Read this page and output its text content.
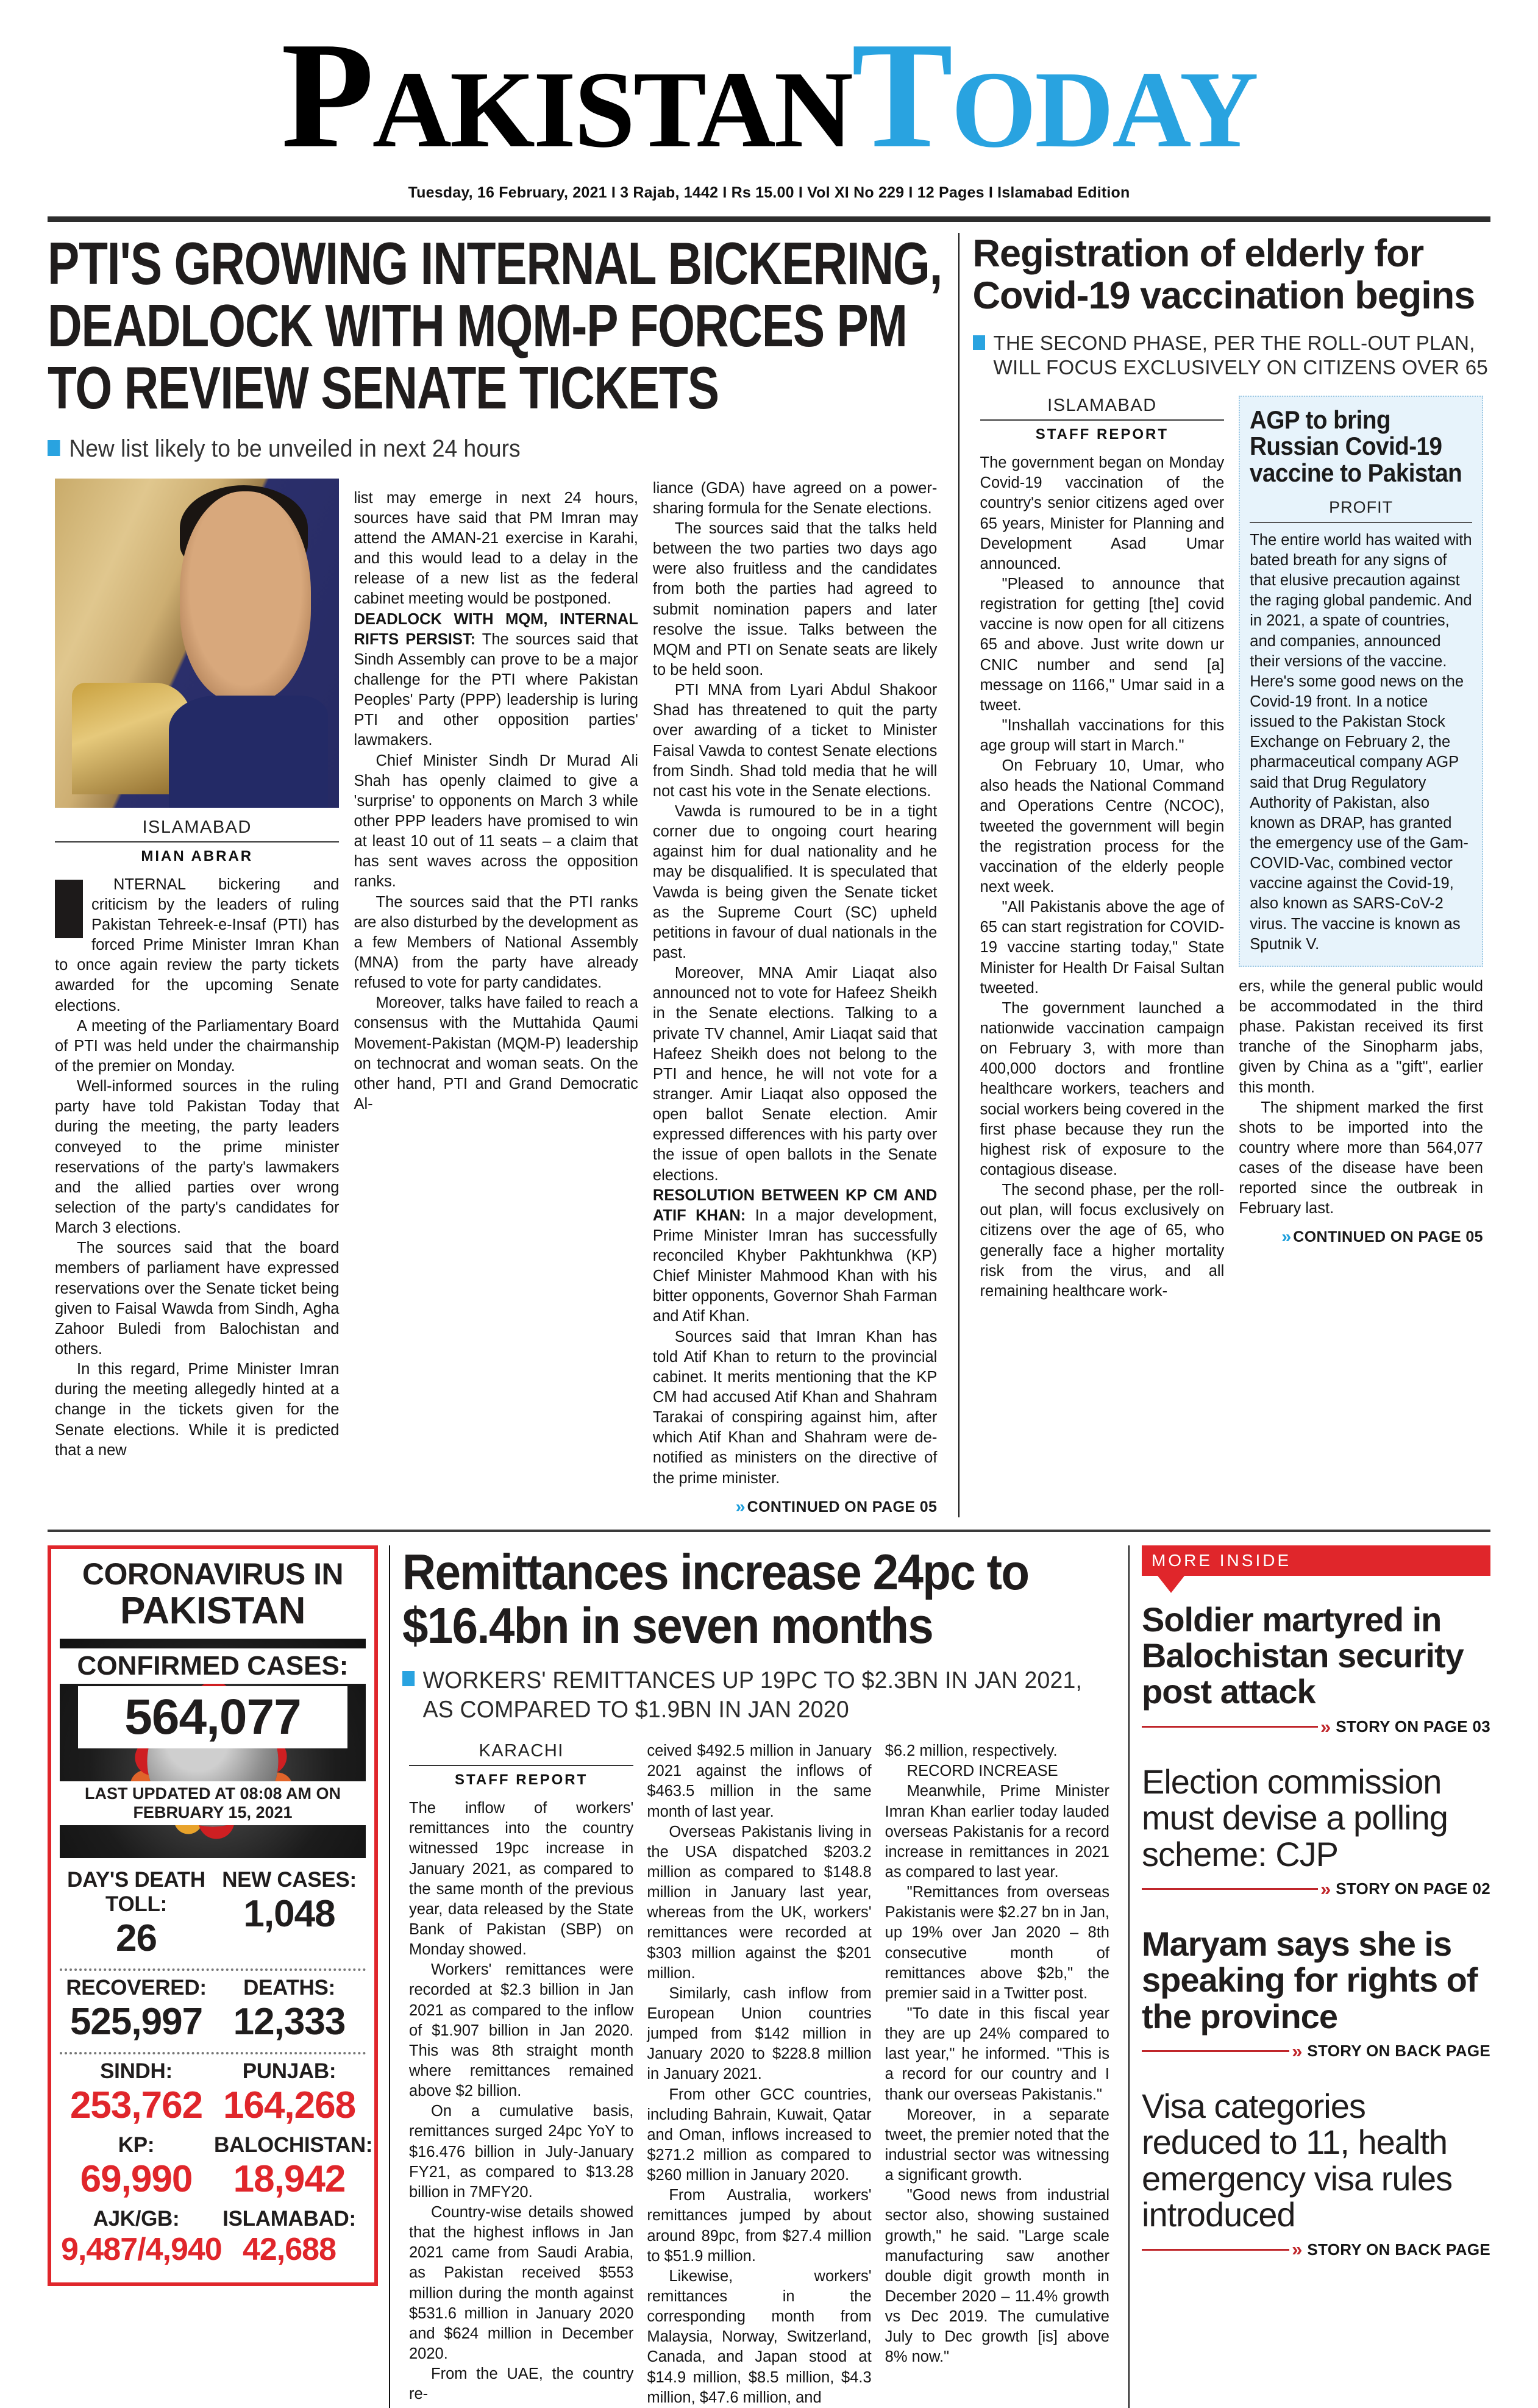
PAKISTANTODAY
Tuesday, 16 February, 2021 I 3 Rajab, 1442 I Rs 15.00 I Vol XI No 229 I 12 Pages I Islamabad Edition
PTI'S GROWING INTERNAL BICKERING, DEADLOCK WITH MQM-P FORCES PM TO REVIEW SENATE TICKETS
New list likely to be unveiled in next 24 hours
ISLAMABAD
MIAN ABRAR

NTERNAL bickering and criticism by the leaders of ruling Pakistan Tehreek-e-Insaf (PTI) has forced Prime Minister Imran Khan to once again review the party tickets awarded for the upcoming Senate elections.

A meeting of the Parliamentary Board of PTI was held under the chairmanship of the premier on Monday.

Well-informed sources in the ruling party have told Pakistan Today that during the meeting, the party leaders conveyed to the prime minister reservations of the party's lawmakers and the allied parties over wrong selection of the party's candidates for March 3 elections.

The sources said that the board members of parliament have expressed reservations over the Senate ticket being given to Faisal Wawda from Sindh, Agha Zahoor Buledi from Balochistan and others.

In this regard, Prime Minister Imran during the meeting allegedly hinted at a change in the tickets given for the Senate elections. While it is predicted that a new

list may emerge in next 24 hours, sources have said that PM Imran may attend the AMAN-21 exercise in Karahi, and this would lead to a delay in the release of a new list as the federal cabinet meeting would be postponed.

DEADLOCK WITH MQM, INTERNAL RIFTS PERSIST: The sources said that Sindh Assembly can prove to be a major challenge for the PTI where Pakistan Peoples' Party (PPP) leadership is luring PTI and other opposition parties' lawmakers.

Chief Minister Sindh Dr Murad Ali Shah has openly claimed to give a 'surprise' to opponents on March 3 while other PPP leaders have promised to win at least 10 out of 11 seats – a claim that has sent waves across the opposition ranks.

The sources said that the PTI ranks are also disturbed by the development as a few Members of National Assembly (MNA) from the party have already refused to vote for party candidates.

Moreover, talks have failed to reach a consensus with the Muttahida Qaumi Movement-Pakistan (MQM-P) leadership on technocrat and woman seats. On the other hand, PTI and Grand Democratic Al-

liance (GDA) have agreed on a power-sharing formula for the Senate elections.

The sources said that the talks held between the two parties two days ago were also fruitless and the candidates from both the parties had agreed to submit nomination papers and later resolve the issue. Talks between the MQM and PTI on Senate seats are likely to be held soon.

PTI MNA from Lyari Abdul Shakoor Shad has threatened to quit the party over awarding of a ticket to Minister Faisal Vawda to contest Senate elections from Sindh. Shad told media that he will not cast his vote in the Senate elections.

Vawda is rumoured to be in a tight corner due to ongoing court hearing against him for dual nationality and he may be disqualified. It is speculated that Vawda is being given the Senate ticket as the Supreme Court (SC) upheld petitions in favour of dual nationals in the past.

Moreover, MNA Amir Liaqat also announced not to vote for Hafeez Sheikh in the Senate elections. Talking to a private TV channel, Amir Liaqat said that Hafeez Sheikh does not belong to the PTI and hence, he will not vote for a stranger. Amir Liaqat also opposed the open ballot Senate election. Amir expressed differences with his party over the issue of open ballots in the Senate elections.

RESOLUTION BETWEEN KP CM AND ATIF KHAN: In a major development, Prime Minister Imran has successfully reconciled Khyber Pakhtunkhwa (KP) Chief Minister Mahmood Khan with his bitter opponents, Governor Shah Farman and Atif Khan.

Sources said that Imran Khan has told Atif Khan to return to the provincial cabinet. It merits mentioning that the KP CM had accused Atif Khan and Shahram Tarakai of conspiring against him, after which Atif Khan and Shahram were de-notified as ministers on the directive of the prime minister.

» CONTINUED ON PAGE 05
Registration of elderly for Covid-19 vaccination begins
THE SECOND PHASE, PER THE ROLL-OUT PLAN, WILL FOCUS EXCLUSIVELY ON CITIZENS OVER 65
ISLAMABAD
STAFF REPORT

The government began on Monday Covid-19 vaccination of the country's senior citizens aged over 65 years, Minister for Planning and Development Asad Umar announced.

"Pleased to announce that registration for getting [the] covid vaccine is now open for all citizens 65 and above. Just write down ur CNIC number and send [a] message on 1166," Umar said in a tweet.

"Inshallah vaccinations for this age group will start in March."

On February 10, Umar, who also heads the National Command and Operations Centre (NCOC), tweeted the government will begin the registration process for the vaccination of the elderly people next week.

"All Pakistanis above the age of 65 can start registration for COVID-19 vaccine starting today," State Minister for Health Dr Faisal Sultan tweeted.

The government launched a nationwide vaccination campaign on February 3, with more than 400,000 doctors and frontline healthcare workers, teachers and social workers being covered in the first phase because they run the highest risk of exposure to the contagious disease.

The second phase, per the roll-out plan, will focus exclusively on citizens over the age of 65, who generally face a higher mortality risk from the virus, and all remaining healthcare work-

AGP to bring Russian Covid-19 vaccine to Pakistan
PROFIT
The entire world has waited with bated breath for any signs of that elusive precaution against the raging global pandemic. And in 2021, a spate of countries, and companies, announced their versions of the vaccine. Here's some good news on the Covid-19 front. In a notice issued to the Pakistan Stock Exchange on February 2, the pharmaceutical company AGP said that Drug Regulatory Authority of Pakistan, also known as DRAP, has granted the emergency use of the Gam-COVID-Vac, combined vector vaccine against the Covid-19, also known as SARS-CoV-2 virus. The vaccine is known as Sputnik V.

ers, while the general public would be accommodated in the third phase. Pakistan received its first tranche of the Sinopharm jabs, given by China as a "gift", earlier this month.

The shipment marked the first shots to be imported into the country where more than 564,077 cases of the disease have been reported since the outbreak in February last.

» CONTINUED ON PAGE 05
CORONAVIRUS IN
PAKISTAN
CONFIRMED CASES:
564,077
LAST UPDATED AT 08:08 AM ON FEBRUARY 15, 2021
DAY'S DEATH TOLL:
26
NEW CASES:
1,048
RECOVERED:
525,997
DEATHS:
12,333
SINDH:
253,762
PUNJAB:
164,268
KP:
69,990
BALOCHISTAN:
18,942
AJK/GB:
9,487/4,940
ISLAMABAD:
42,688
Remittances increase 24pc to $16.4bn in seven months
WORKERS' REMITTANCES UP 19PC TO $2.3BN IN JAN 2021, AS COMPARED TO $1.9BN IN JAN 2020
KARACHI
STAFF REPORT

The inflow of workers' remittances into the country witnessed 19pc increase in January 2021, as compared to the same month of the previous year, data released by the State Bank of Pakistan (SBP) on Monday showed.

Workers' remittances were recorded at $2.3 billion in Jan 2021 as compared to the inflow of $1.907 billion in Jan 2020. This was 8th straight month where remittances remained above $2 billion.

On a cumulative basis, remittances surged 24pc YoY to $16.476 billion in July-January FY21, as compared to $13.28 billion in 7MFY20.

Country-wise details showed that the highest inflows in Jan 2021 came from Saudi Arabia, as Pakistan received $553 million during the month against $531.6 million in January 2020 and $624 million in December 2020.

From the UAE, the country re-

ceived $492.5 million in January 2021 against the inflows of $463.5 million in the same month of last year.

Overseas Pakistanis living in the USA dispatched $203.2 million as compared to $148.8 million in January last year, whereas from the UK, workers' remittances were recorded at $303 million against the $201 million.

Similarly, cash inflow from European Union countries jumped from $142 million in January 2020 to $228.8 million in January 2021.

From other GCC countries, including Bahrain, Kuwait, Qatar and Oman, inflows increased to $271.2 million as compared to $260 million in January 2020.

From Australia, workers' remittances jumped by about around 89pc, from $27.4 million to $51.9 million.

Likewise, workers' remittances in the corresponding month from Malaysia, Norway, Switzerland, Canada, and Japan stood at $14.9 million, $8.5 million, $4.3 million, $47.6 million, and

$6.2 million, respectively.

RECORD INCREASE

Meanwhile, Prime Minister Imran Khan earlier today lauded overseas Pakistanis for a record increase in remittances in 2021 as compared to last year.

"Remittances from overseas Pakistanis were $2.27 bn in Jan, up 19% over Jan 2020 – 8th consecutive month of remittances above $2b," the premier said in a Twitter post.

"To date in this fiscal year they are up 24% compared to last year," he informed. "This is a record for our country and I thank our overseas Pakistanis."

Moreover, in a separate tweet, the premier noted that the industrial sector was witnessing a significant growth.

"Good news from industrial sector also, showing sustained growth," he said. "Large scale manufacturing saw another double digit growth month in December 2020 – 11.4% growth vs Dec 2019. The cumulative July to Dec growth [is] above 8% now."

MORE INSIDE
Soldier martyred in Balochistan security post attack
» STORY ON PAGE 03
Election commission must devise a polling scheme: CJP
» STORY ON PAGE 02
Maryam says she is speaking for rights of the province
» STORY ON BACK PAGE
Visa categories reduced to 11, health emergency visa rules introduced
» STORY ON BACK PAGE
